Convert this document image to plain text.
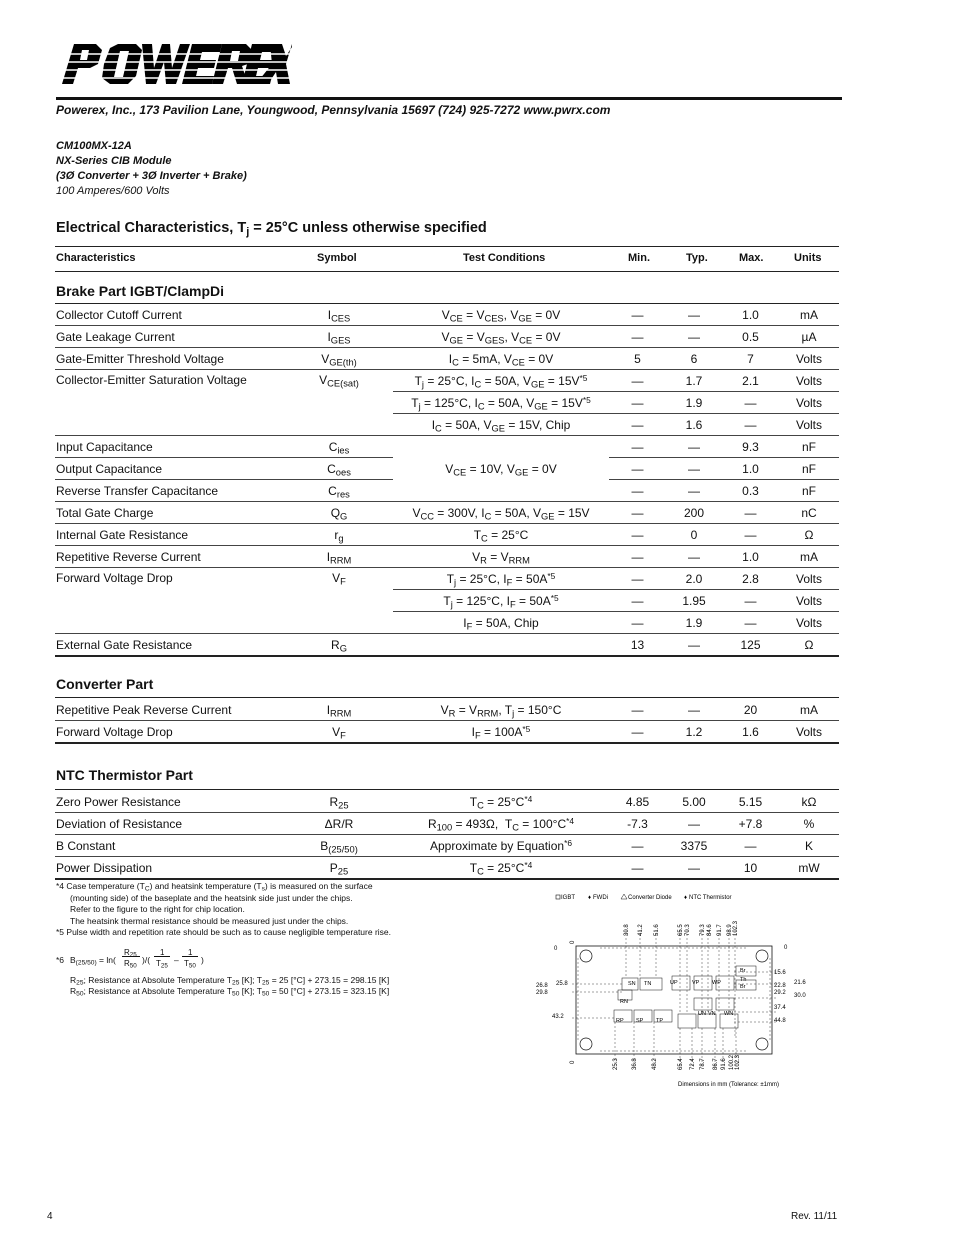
Powerex, Inc., 173 Pavilion Lane, Youngwood, Pennsylvania 15697 (724) 925-7272 www.pwrx.com
CM100MX-12A
NX-Series CIB Module
(3Ø Converter + 3Ø Inverter + Brake)
100 Amperes/600 Volts
Electrical Characteristics, $T_j = 25^\circ C$ unless otherwise specified
Characteristics	Symbol	Test Conditions	Min.	Typ.	Max.	Units
Brake Part IGBT/ClampDi
Collector Cutoff Current	$I_{CES}$	$V_{CE} = V_{CES}$, $V_{GE} = 0V$	—	—	1.0	mA
Gate Leakage Current	$I_{GES}$	$V_{GE} = V_{GES}$, $V_{CE} = 0V$	—	—	0.5	µA
Gate-Emitter Threshold Voltage	$V_{GE(th)}$	$I_C = 5mA$, $V_{CE} = 0V$	5	6	7	Volts
Collector-Emitter Saturation Voltage	$V_{CE(sat)}$	$T_j = 25^\circ C$, $I_C = 50A$, $V_{GE} = 15V^{*5}$	—	1.7	2.1	Volts
		$T_j = 125^\circ C$, $I_C = 50A$, $V_{GE} = 15V^{*5}$	—	1.9	—	Volts
		$I_C = 50A$, $V_{GE} = 15V$, Chip	—	1.6	—	Volts
Input Capacitance	$C_{ies}$	$V_{CE} = 10V$, $V_{GE} = 0V$	—	—	9.3	nF
Output Capacitance	$C_{oes}$		—	—	1.0	nF
Reverse Transfer Capacitance	$C_{res}$		—	—	0.3	nF
Total Gate Charge	$Q_G$	$V_{CC} = 300V$, $I_C = 50A$, $V_{GE} = 15V$	—	200	—	nC
Internal Gate Resistance	$r_g$	$T_C = 25^\circ C$	—	0	—	Ω
Repetitive Reverse Current	$I_{RRM}$	$V_R = V_{RRM}$	—	—	1.0	mA
Forward Voltage Drop	$V_F$	$T_j = 25^\circ C$, $I_F = 50A^{*5}$	—	2.0	2.8	Volts
		$T_j = 125^\circ C$, $I_F = 50A^{*5}$	—	1.95	—	Volts
		$I_F = 50A$, Chip	—	1.9	—	Volts
External Gate Resistance	$R_G$		13	—	125	Ω
Converter Part
Repetitive Peak Reverse Current	$I_{RRM}$	$V_R = V_{RRM}$, $T_j = 150^\circ C$	—	—	20	mA
Forward Voltage Drop	$V_F$	$I_F = 100A^{*5}$	—	1.2	1.6	Volts
NTC Thermistor Part
Zero Power Resistance	$R_{25}$	$T_C = 25^\circ C^{*4}$	4.85	5.00	5.15	kΩ
Deviation of Resistance	ΔR/R	$R_{100} = 493\Omega$,  $T_C = 100^\circ C^{*4}$	-7.3	—	+7.8	%
B Constant	$B_{(25/50)}$	Approximate by Equation$^{*6}$	—	3375	—	K
Power Dissipation	$P_{25}$	$T_C = 25^\circ C^{*4}$	—	—	10	mW
*4 Case temperature $(T_C)$ and heatsink temperature $(T_s)$ is measured on the surface
(mounting side) of the baseplate and the heatsink side just under the chips.
Refer to the figure to the right for chip location.
The heatsink thermal resistance should be measured just under the chips.
*5 Pulse width and repetition rate should be such as to cause negligible temperature rise.
*6 $B_{(25/50)} = \ln$(
$R_{25}$
$R_{50}$
)/(
1
$T_{25}$
–
1
$T_{50}$
)
$R_{25}$; Resistance at Absolute Temperature $T_{25}$ [K]; $T_{25} = 25$ [°C] + 273.15 = 298.15 [K]
$R_{50}$; Resistance at Absolute Temperature $T_{50}$ [K]; $T_{50} = 50$ [°C] + 273.15 = 323.15 [K]
IGBT ♦ FWDi	Converter Diode ♦ NTC Thermistor
0
30.8 41.2 51.6	65.5 70.3 79.3 84.6 91.7 98.9 102.3
0	25.3 36.8 48.2	65.4 72.4 78.7 86.7 91.6 100.2 102.3
0
26.8
29.8
43.2
25.8
0
15.6
21.6
22.8
29.2 30.0
37.4
44.8
SN TN
RN
RP SP TP
UP	VP WP
UN VN WN
Br
Th
Br
Dimensions in mm (Tolerance: ±1mm)
4	Rev. 11/11
